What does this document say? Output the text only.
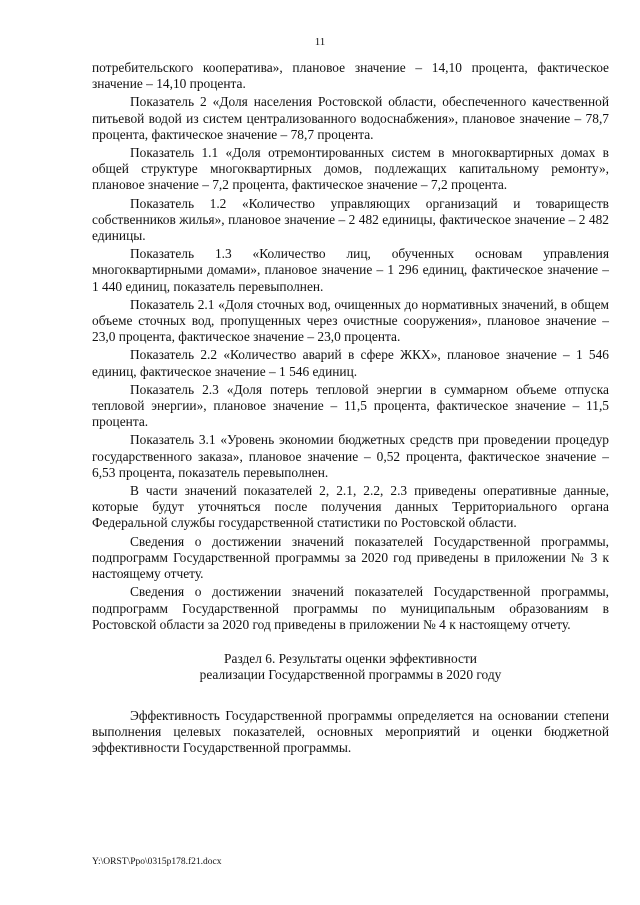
11

потребительского кооператива», плановое значение – 14,10 процента, фактическое значение – 14,10 процента.

Показатель 2 «Доля населения Ростовской области, обеспеченного качественной питьевой водой из систем централизованного водоснабжения», плановое значение – 78,7 процента, фактическое значение – 78,7 процента.

Показатель 1.1 «Доля отремонтированных систем в многоквартирных домах в общей структуре многоквартирных домов, подлежащих капитальному ремонту», плановое значение – 7,2 процента, фактическое значение – 7,2 процента.

Показатель 1.2 «Количество управляющих организаций и товариществ собственников жилья», плановое значение – 2 482 единицы, фактическое значение – 2 482 единицы.

Показатель 1.3 «Количество лиц, обученных основам управления многоквартирными домами», плановое значение – 1 296 единиц, фактическое значение – 1 440 единиц, показатель перевыполнен.

Показатель 2.1 «Доля сточных вод, очищенных до нормативных значений, в общем объеме сточных вод, пропущенных через очистные сооружения», плановое значение – 23,0 процента, фактическое значение – 23,0 процента.

Показатель 2.2 «Количество аварий в сфере ЖКХ», плановое значение – 1 546 единиц, фактическое значение – 1 546 единиц.

Показатель 2.3 «Доля потерь тепловой энергии в суммарном объеме отпуска тепловой энергии», плановое значение – 11,5 процента, фактическое значение – 11,5 процента.

Показатель 3.1 «Уровень экономии бюджетных средств при проведении процедур государственного заказа», плановое значение – 0,52 процента, фактическое значение – 6,53 процента, показатель перевыполнен.

В части значений показателей 2, 2.1, 2.2, 2.3 приведены оперативные данные, которые будут уточняться после получения данных Территориального органа Федеральной службы государственной статистики по Ростовской области.

Сведения о достижении значений показателей Государственной программы, подпрограмм Государственной программы за 2020 год приведены в приложении № 3 к настоящему отчету.

Сведения о достижении значений показателей Государственной программы, подпрограмм Государственной программы по муниципальным образованиям в Ростовской области за 2020 год приведены в приложении № 4 к настоящему отчету.

Раздел 6. Результаты оценки эффективности
реализации Государственной программы в 2020 году

Эффективность Государственной программы определяется на основании степени выполнения целевых показателей, основных мероприятий и оценки бюджетной эффективности Государственной программы.

Y:\ORST\Ppo\0315p178.f21.docx
